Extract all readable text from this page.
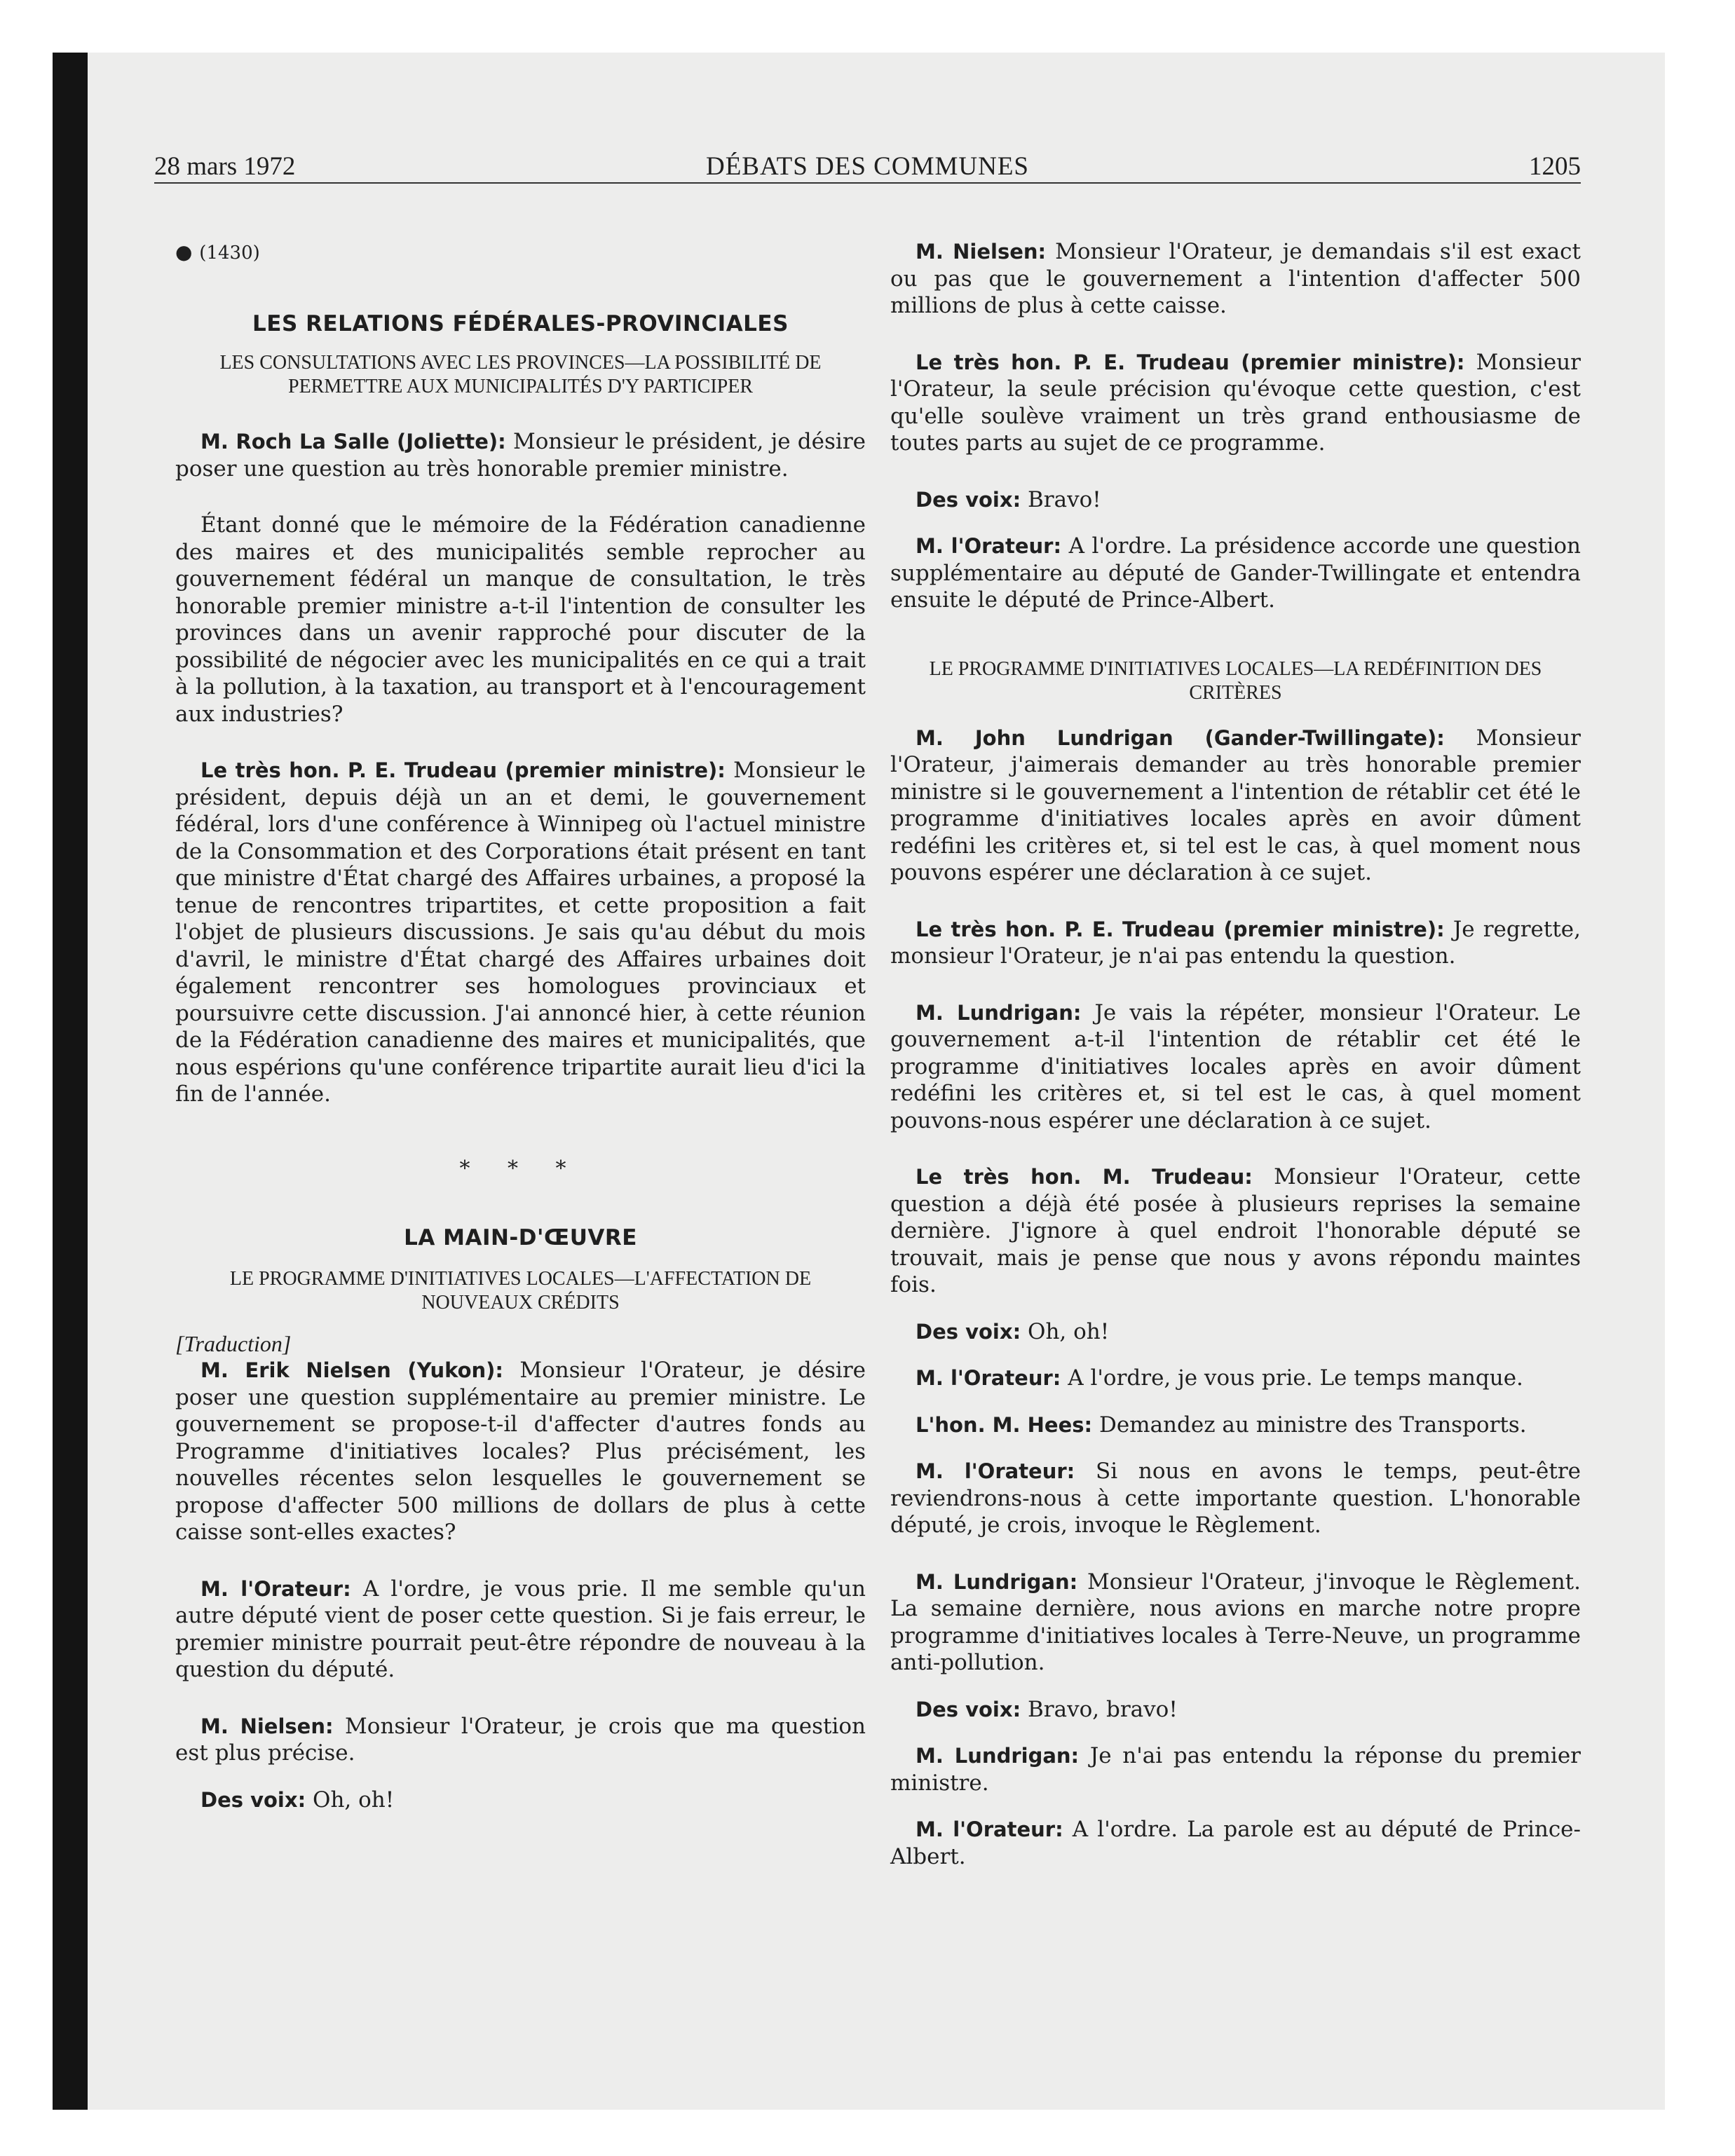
28 mars 1972	DÉBATS DES COMMUNES	1205

● (1430)

LES RELATIONS FÉDÉRALES-PROVINCIALES

LES CONSULTATIONS AVEC LES PROVINCES—LA POSSIBILITÉ DE PERMETTRE AUX MUNICIPALITÉS D'Y PARTICIPER

M. Roch La Salle (Joliette): Monsieur le président, je désire poser une question au très honorable premier ministre.

Étant donné que le mémoire de la Fédération canadienne des maires et des municipalités semble reprocher au gouvernement fédéral un manque de consultation, le très honorable premier ministre a-t-il l'intention de consulter les provinces dans un avenir rapproché pour discuter de la possibilité de négocier avec les municipalités en ce qui a trait à la pollution, à la taxation, au transport et à l'encouragement aux industries?

Le très hon. P. E. Trudeau (premier ministre): Monsieur le président, depuis déjà un an et demi, le gouvernement fédéral, lors d'une conférence à Winnipeg où l'actuel ministre de la Consommation et des Corporations était présent en tant que ministre d'État chargé des Affaires urbaines, a proposé la tenue de rencontres tripartites, et cette proposition a fait l'objet de plusieurs discussions. Je sais qu'au début du mois d'avril, le ministre d'État chargé des Affaires urbaines doit également rencontrer ses homologues provinciaux et poursuivre cette discussion. J'ai annoncé hier, à cette réunion de la Fédération canadienne des maires et municipalités, que nous espérions qu'une conférence tripartite aurait lieu d'ici la fin de l'année.

* * *

LA MAIN-D'ŒUVRE

LE PROGRAMME D'INITIATIVES LOCALES—L'AFFECTATION DE NOUVEAUX CRÉDITS

[Traduction]

M. Erik Nielsen (Yukon): Monsieur l'Orateur, je désire poser une question supplémentaire au premier ministre. Le gouvernement se propose-t-il d'affecter d'autres fonds au Programme d'initiatives locales? Plus précisément, les nouvelles récentes selon lesquelles le gouvernement se propose d'affecter 500 millions de dollars de plus à cette caisse sont-elles exactes?

M. l'Orateur: A l'ordre, je vous prie. Il me semble qu'un autre député vient de poser cette question. Si je fais erreur, le premier ministre pourrait peut-être répondre de nouveau à la question du député.

M. Nielsen: Monsieur l'Orateur, je crois que ma question est plus précise.

Des voix: Oh, oh!

M. Nielsen: Monsieur l'Orateur, je demandais s'il est exact ou pas que le gouvernement a l'intention d'affecter 500 millions de plus à cette caisse.

Le très hon. P. E. Trudeau (premier ministre): Monsieur l'Orateur, la seule précision qu'évoque cette question, c'est qu'elle soulève vraiment un très grand enthousiasme de toutes parts au sujet de ce programme.

Des voix: Bravo!

M. l'Orateur: A l'ordre. La présidence accorde une question supplémentaire au député de Gander-Twillingate et entendra ensuite le député de Prince-Albert.

LE PROGRAMME D'INITIATIVES LOCALES—LA REDÉFINITION DES CRITÈRES

M. John Lundrigan (Gander-Twillingate): Monsieur l'Orateur, j'aimerais demander au très honorable premier ministre si le gouvernement a l'intention de rétablir cet été le programme d'initiatives locales après en avoir dûment redéfini les critères et, si tel est le cas, à quel moment nous pouvons espérer une déclaration à ce sujet.

Le très hon. P. E. Trudeau (premier ministre): Je regrette, monsieur l'Orateur, je n'ai pas entendu la question.

M. Lundrigan: Je vais la répéter, monsieur l'Orateur. Le gouvernement a-t-il l'intention de rétablir cet été le programme d'initiatives locales après en avoir dûment redéfini les critères et, si tel est le cas, à quel moment pouvons-nous espérer une déclaration à ce sujet.

Le très hon. M. Trudeau: Monsieur l'Orateur, cette question a déjà été posée à plusieurs reprises la semaine dernière. J'ignore à quel endroit l'honorable député se trouvait, mais je pense que nous y avons répondu maintes fois.

Des voix: Oh, oh!

M. l'Orateur: A l'ordre, je vous prie. Le temps manque.

L'hon. M. Hees: Demandez au ministre des Transports.

M. l'Orateur: Si nous en avons le temps, peut-être reviendrons-nous à cette importante question. L'honorable député, je crois, invoque le Règlement.

M. Lundrigan: Monsieur l'Orateur, j'invoque le Règlement. La semaine dernière, nous avions en marche notre propre programme d'initiatives locales à Terre-Neuve, un programme anti-pollution.

Des voix: Bravo, bravo!

M. Lundrigan: Je n'ai pas entendu la réponse du premier ministre.

M. l'Orateur: A l'ordre. La parole est au député de Prince-Albert.
